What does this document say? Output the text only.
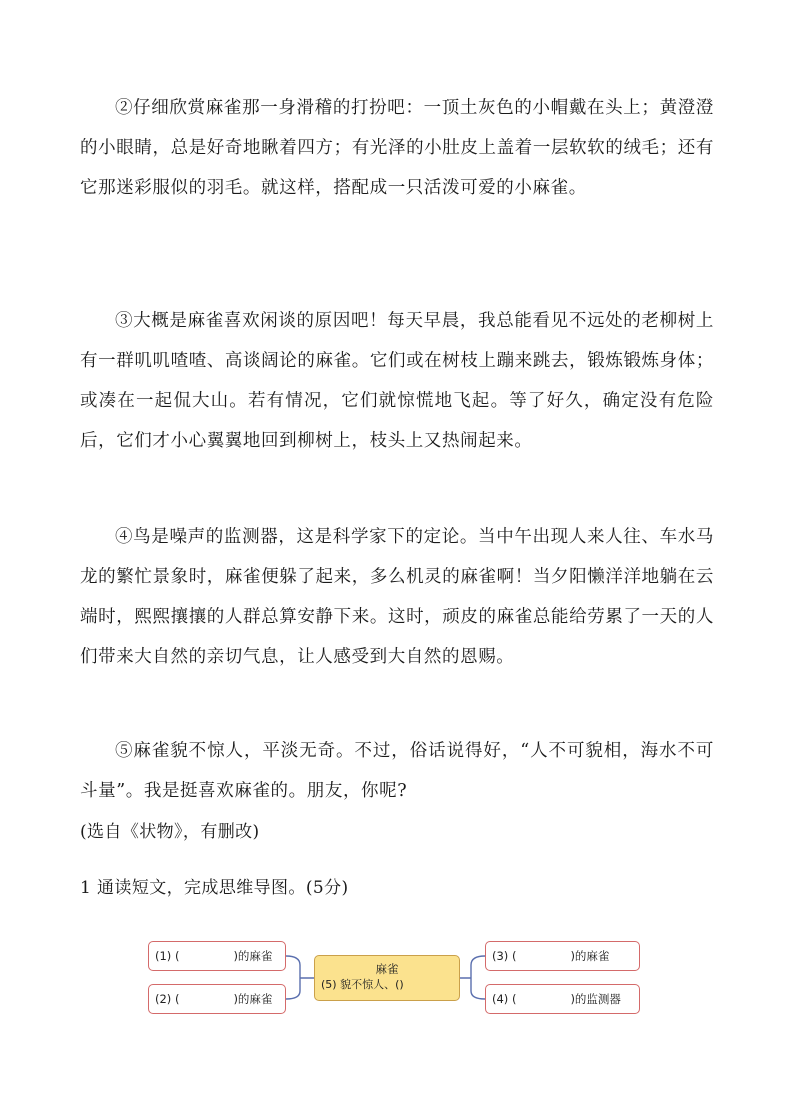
②仔细欣赏麻雀那一身滑稽的打扮吧：一顶土灰色的小帽戴在头上；黄澄澄的小眼睛，总是好奇地瞅着四方；有光泽的小肚皮上盖着一层软软的绒毛；还有它那迷彩服似的羽毛。就这样，搭配成一只活泼可爱的小麻雀。

③大概是麻雀喜欢闲谈的原因吧！每天早晨，我总能看见不远处的老柳树上有一群叽叽喳喳、高谈阔论的麻雀。它们或在树枝上蹦来跳去，锻炼锻炼身体；或凑在一起侃大山。若有情况，它们就惊慌地飞起。等了好久，确定没有危险后，它们才小心翼翼地回到柳树上，枝头上又热闹起来。

④鸟是噪声的监测器，这是科学家下的定论。当中午出现人来人往、车水马龙的繁忙景象时，麻雀便躲了起来，多么机灵的麻雀啊！当夕阳懒洋洋地躺在云端时，熙熙攘攘的人群总算安静下来。这时，顽皮的麻雀总能给劳累了一天的人们带来大自然的亲切气息，让人感受到大自然的恩赐。

⑤麻雀貌不惊人，平淡无奇。不过，俗话说得好，“人不可貌相，海水不可斗量”。我是挺喜欢麻雀的。朋友，你呢?

(选自《状物》，有删改)

1 通读短文，完成思维导图。(5分)

(1) (	)的麻雀
(2) (	)的麻雀
麻雀
(5) 貌不惊人、()
(3) (	)的麻雀
(4) (	)的监测器
